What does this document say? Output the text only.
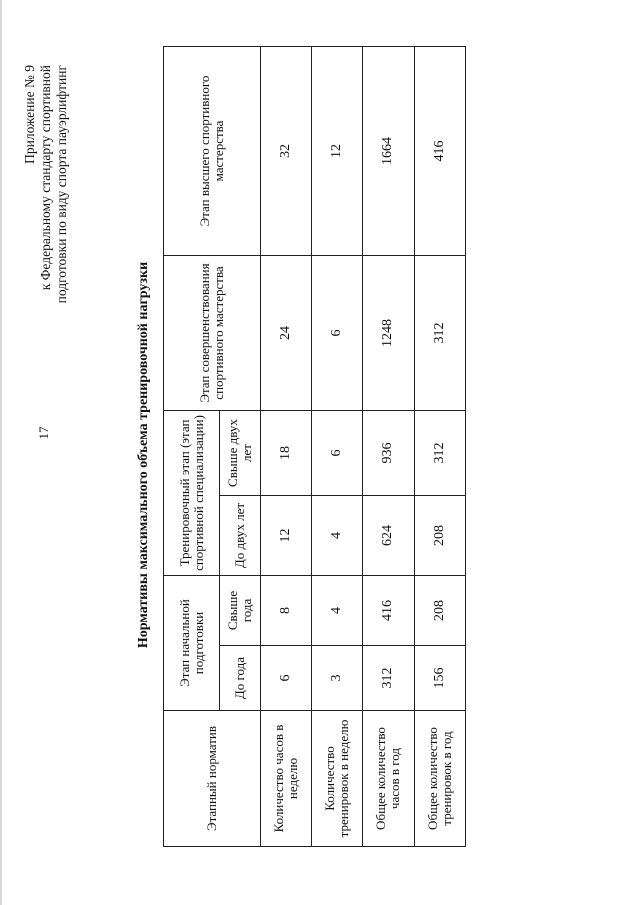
17
Приложение № 9 к Федеральному стандарту спортивной подготовки по виду спорта пауэрлифтинг
Нормативы максимального объема тренировочной нагрузки
Этапный норматив	Этап начальной подготовки		Тренировочный этап (этап спортивной специализации)		Этап совершенствования спортивного мастерства	Этап высшего спортивного мастерства
	До года	Свыше года	До двух лет	Свыше двух лет		
Количество часов в неделю	6	8	12	18	24	32
Количество тренировок в неделю	3	4	4	6	6	12
Общее количество часов в год	312	416	624	936	1248	1664
Общее количество тренировок в год	156	208	208	312	312	416
